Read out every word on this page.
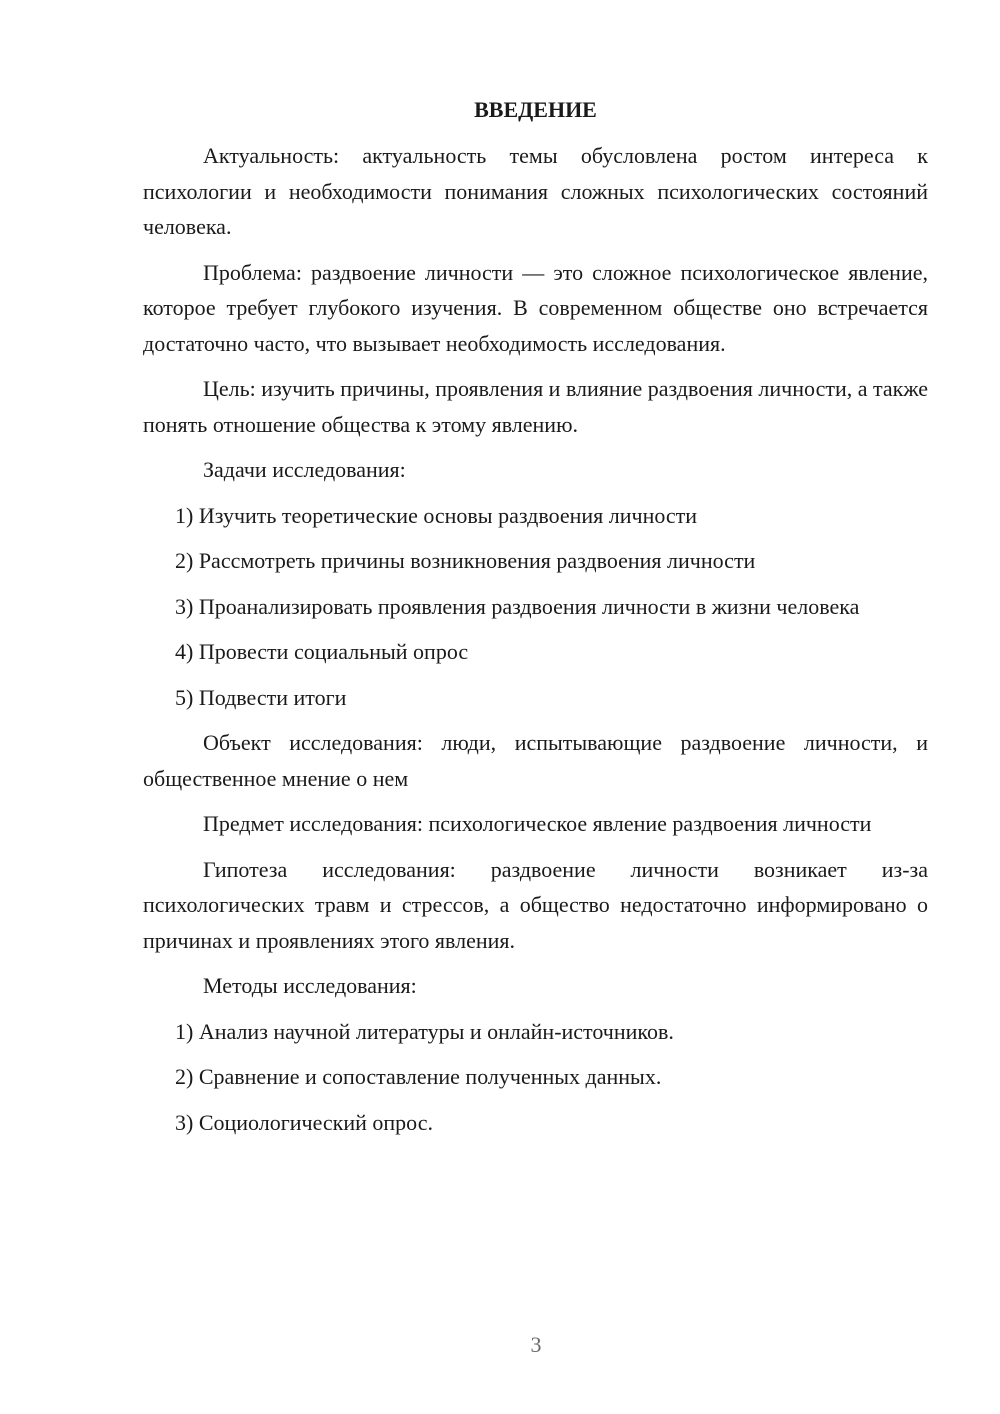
ВВЕДЕНИЕ

Актуальность: актуальность темы обусловлена ростом интереса к психологии и необходимости понимания сложных психологических состояний человека.

Проблема: раздвоение личности — это сложное психологическое явление, которое требует глубокого изучения. В современном обществе оно встречается достаточно часто, что вызывает необходимость исследования.

Цель: изучить причины, проявления и влияние раздвоения личности, а также понять отношение общества к этому явлению.

Задачи исследования:

1) Изучить теоретические основы раздвоения личности

2) Рассмотреть причины возникновения раздвоения личности

3) Проанализировать проявления раздвоения личности в жизни человека

4) Провести социальный опрос

5) Подвести итоги

Объект исследования: люди, испытывающие раздвоение личности, и общественное мнение о нем

Предмет исследования: психологическое явление раздвоения личности

Гипотеза исследования: раздвоение личности возникает из-за психологических травм и стрессов, а общество недостаточно информировано о причинах и проявлениях этого явления.

Методы исследования:

1) Анализ научной литературы и онлайн-источников.

2) Сравнение и сопоставление полученных данных.

3) Социологический опрос.

3
